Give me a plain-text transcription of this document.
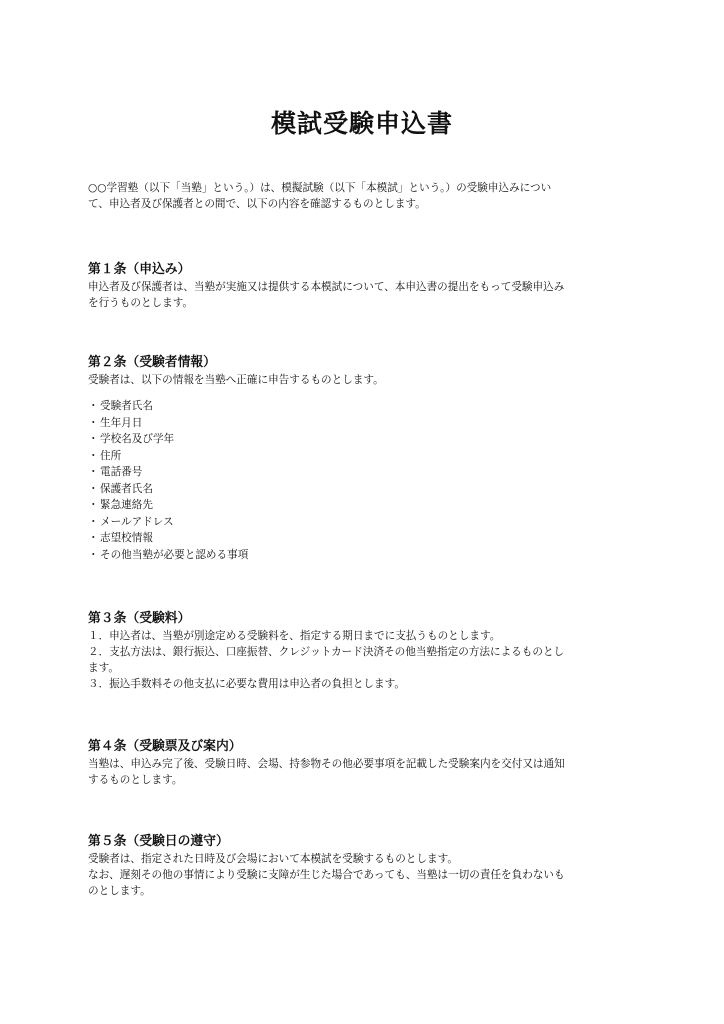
模試受験申込書

○○学習塾（以下「当塾」という。）は、模擬試験（以下「本模試」という。）の受験申込みについ
て、申込者及び保護者との間で、以下の内容を確認するものとします。

第１条（申込み）

申込者及び保護者は、当塾が実施又は提供する本模試について、本申込書の提出をもって受験申込み
を行うものとします。

第２条（受験者情報）

受験者は、以下の情報を当塾へ正確に申告するものとします。

・受験者氏名
・生年月日
・学校名及び学年
・住所
・電話番号
・保護者氏名
・緊急連絡先
・メールアドレス
・志望校情報
・その他当塾が必要と認める事項

第３条（受験料）

１．申込者は、当塾が別途定める受験料を、指定する期日までに支払うものとします。
２．支払方法は、銀行振込、口座振替、クレジットカード決済その他当塾指定の方法によるものとし
ます。
３．振込手数料その他支払に必要な費用は申込者の負担とします。

第４条（受験票及び案内）

当塾は、申込み完了後、受験日時、会場、持参物その他必要事項を記載した受験案内を交付又は通知
するものとします。

第５条（受験日の遵守）

受験者は、指定された日時及び会場において本模試を受験するものとします。
なお、遅刻その他の事情により受験に支障が生じた場合であっても、当塾は一切の責任を負わないも
のとします。
